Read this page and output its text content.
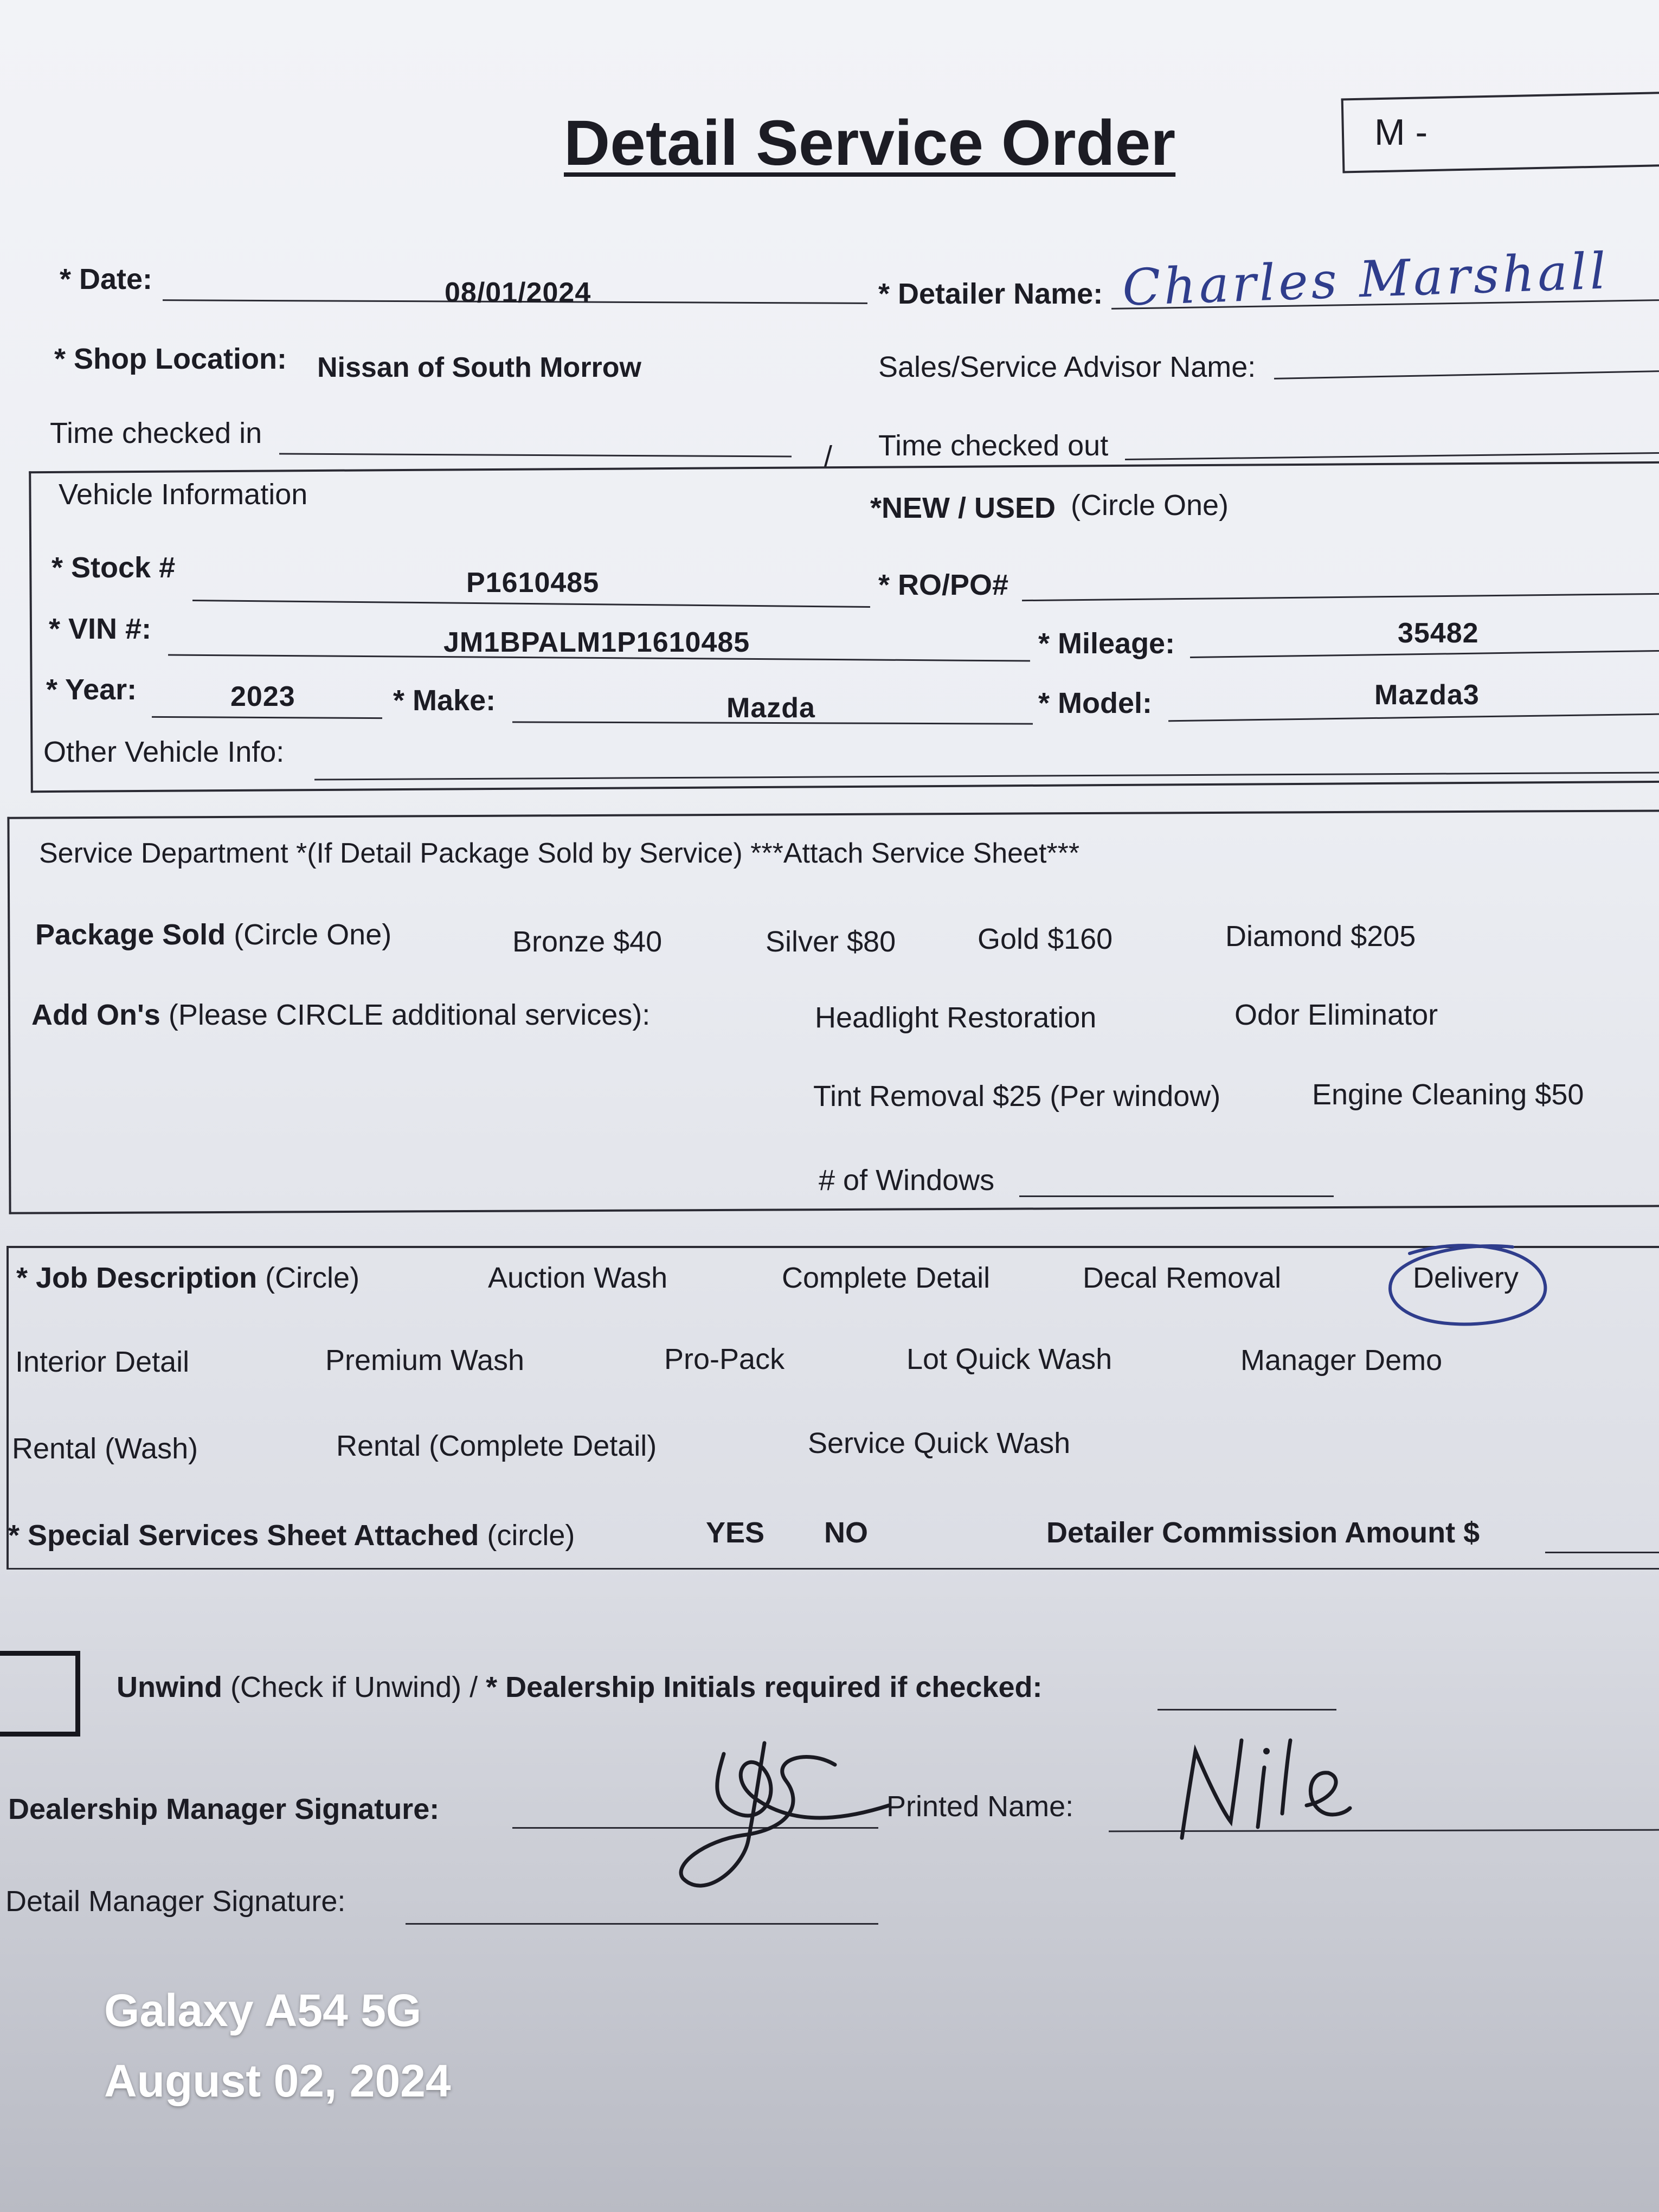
Detail Service Order	M -
* Date:	08/01/2024	* Detailer Name: Charles Marshall
* Shop Location: Nissan of South Morrow	Sales/Service Advisor Name:
Time checked in
/ Time checked out
Vehicle Information	*NEW / USED (Circle One)
* Stock #	P1610485	* RO/PO#
* VIN #:	JM1BPALM1P1610485	* Mileage:	35482
* Year:	2023	* Make:	Mazda	* Model:	Mazda3
Other Vehicle Info:
Service Department *(If Detail Package Sold by Service) ***Attach Service Sheet***
Package Sold (Circle One)	Bronze $40	Silver $80	Gold $160	Diamond $205
Add On's (Please CIRCLE additional services):	Headlight Restoration	Odor Eliminator
Tint Removal $25 (Per window)	Engine Cleaning $50
# of Windows
* Job Description (Circle)	Auction Wash	Complete Detail	Decal Removal	Delivery
Interior Detail	Premium Wash	Pro-Pack	Lot Quick Wash	Manager Demo
Rental (Wash)	Rental (Complete Detail)	Service Quick Wash
* Special Services Sheet Attached (circle)	YES NO	Detailer Commission Amount $
Unwind (Check if Unwind) / * Dealership Initials required if checked:
Dealership Manager Signature:	Printed Name:
Detail Manager Signature:
Galaxy A54 5G
August 02, 2024
